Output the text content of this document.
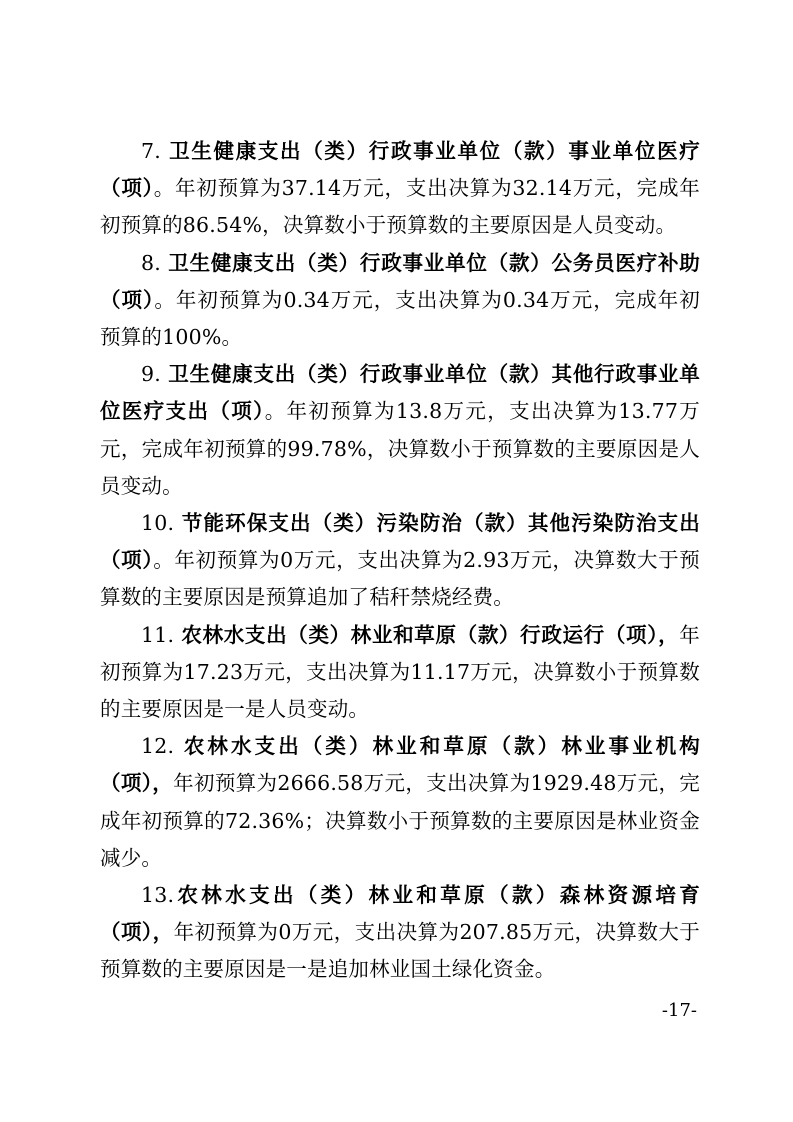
7. 卫生健康支出（类）行政事业单位（款）事业单位医疗（项）。年初预算为37.14万元，支出决算为32.14万元，完成年初预算的86.54%，决算数小于预算数的主要原因是人员变动。

8. 卫生健康支出（类）行政事业单位（款）公务员医疗补助（项）。年初预算为0.34万元，支出决算为0.34万元，完成年初预算的100%。

9. 卫生健康支出（类）行政事业单位（款）其他行政事业单位医疗支出（项）。年初预算为13.8万元，支出决算为13.77万元，完成年初预算的99.78%，决算数小于预算数的主要原因是人员变动。

10. 节能环保支出（类）污染防治（款）其他污染防治支出（项）。年初预算为0万元，支出决算为2.93万元，决算数大于预算数的主要原因是预算追加了秸秆禁烧经费。

11. 农林水支出（类）林业和草原（款）行政运行（项），年初预算为17.23万元，支出决算为11.17万元，决算数小于预算数的主要原因是一是人员变动。

12. 农林水支出（类）林业和草原（款）林业事业机构（项），年初预算为2666.58万元，支出决算为1929.48万元，完成年初预算的72.36%；决算数小于预算数的主要原因是林业资金减少。

13.农林水支出（类）林业和草原（款）森林资源培育（项），年初预算为0万元，支出决算为207.85万元，决算数大于预算数的主要原因是一是追加林业国土绿化资金。

-17-
